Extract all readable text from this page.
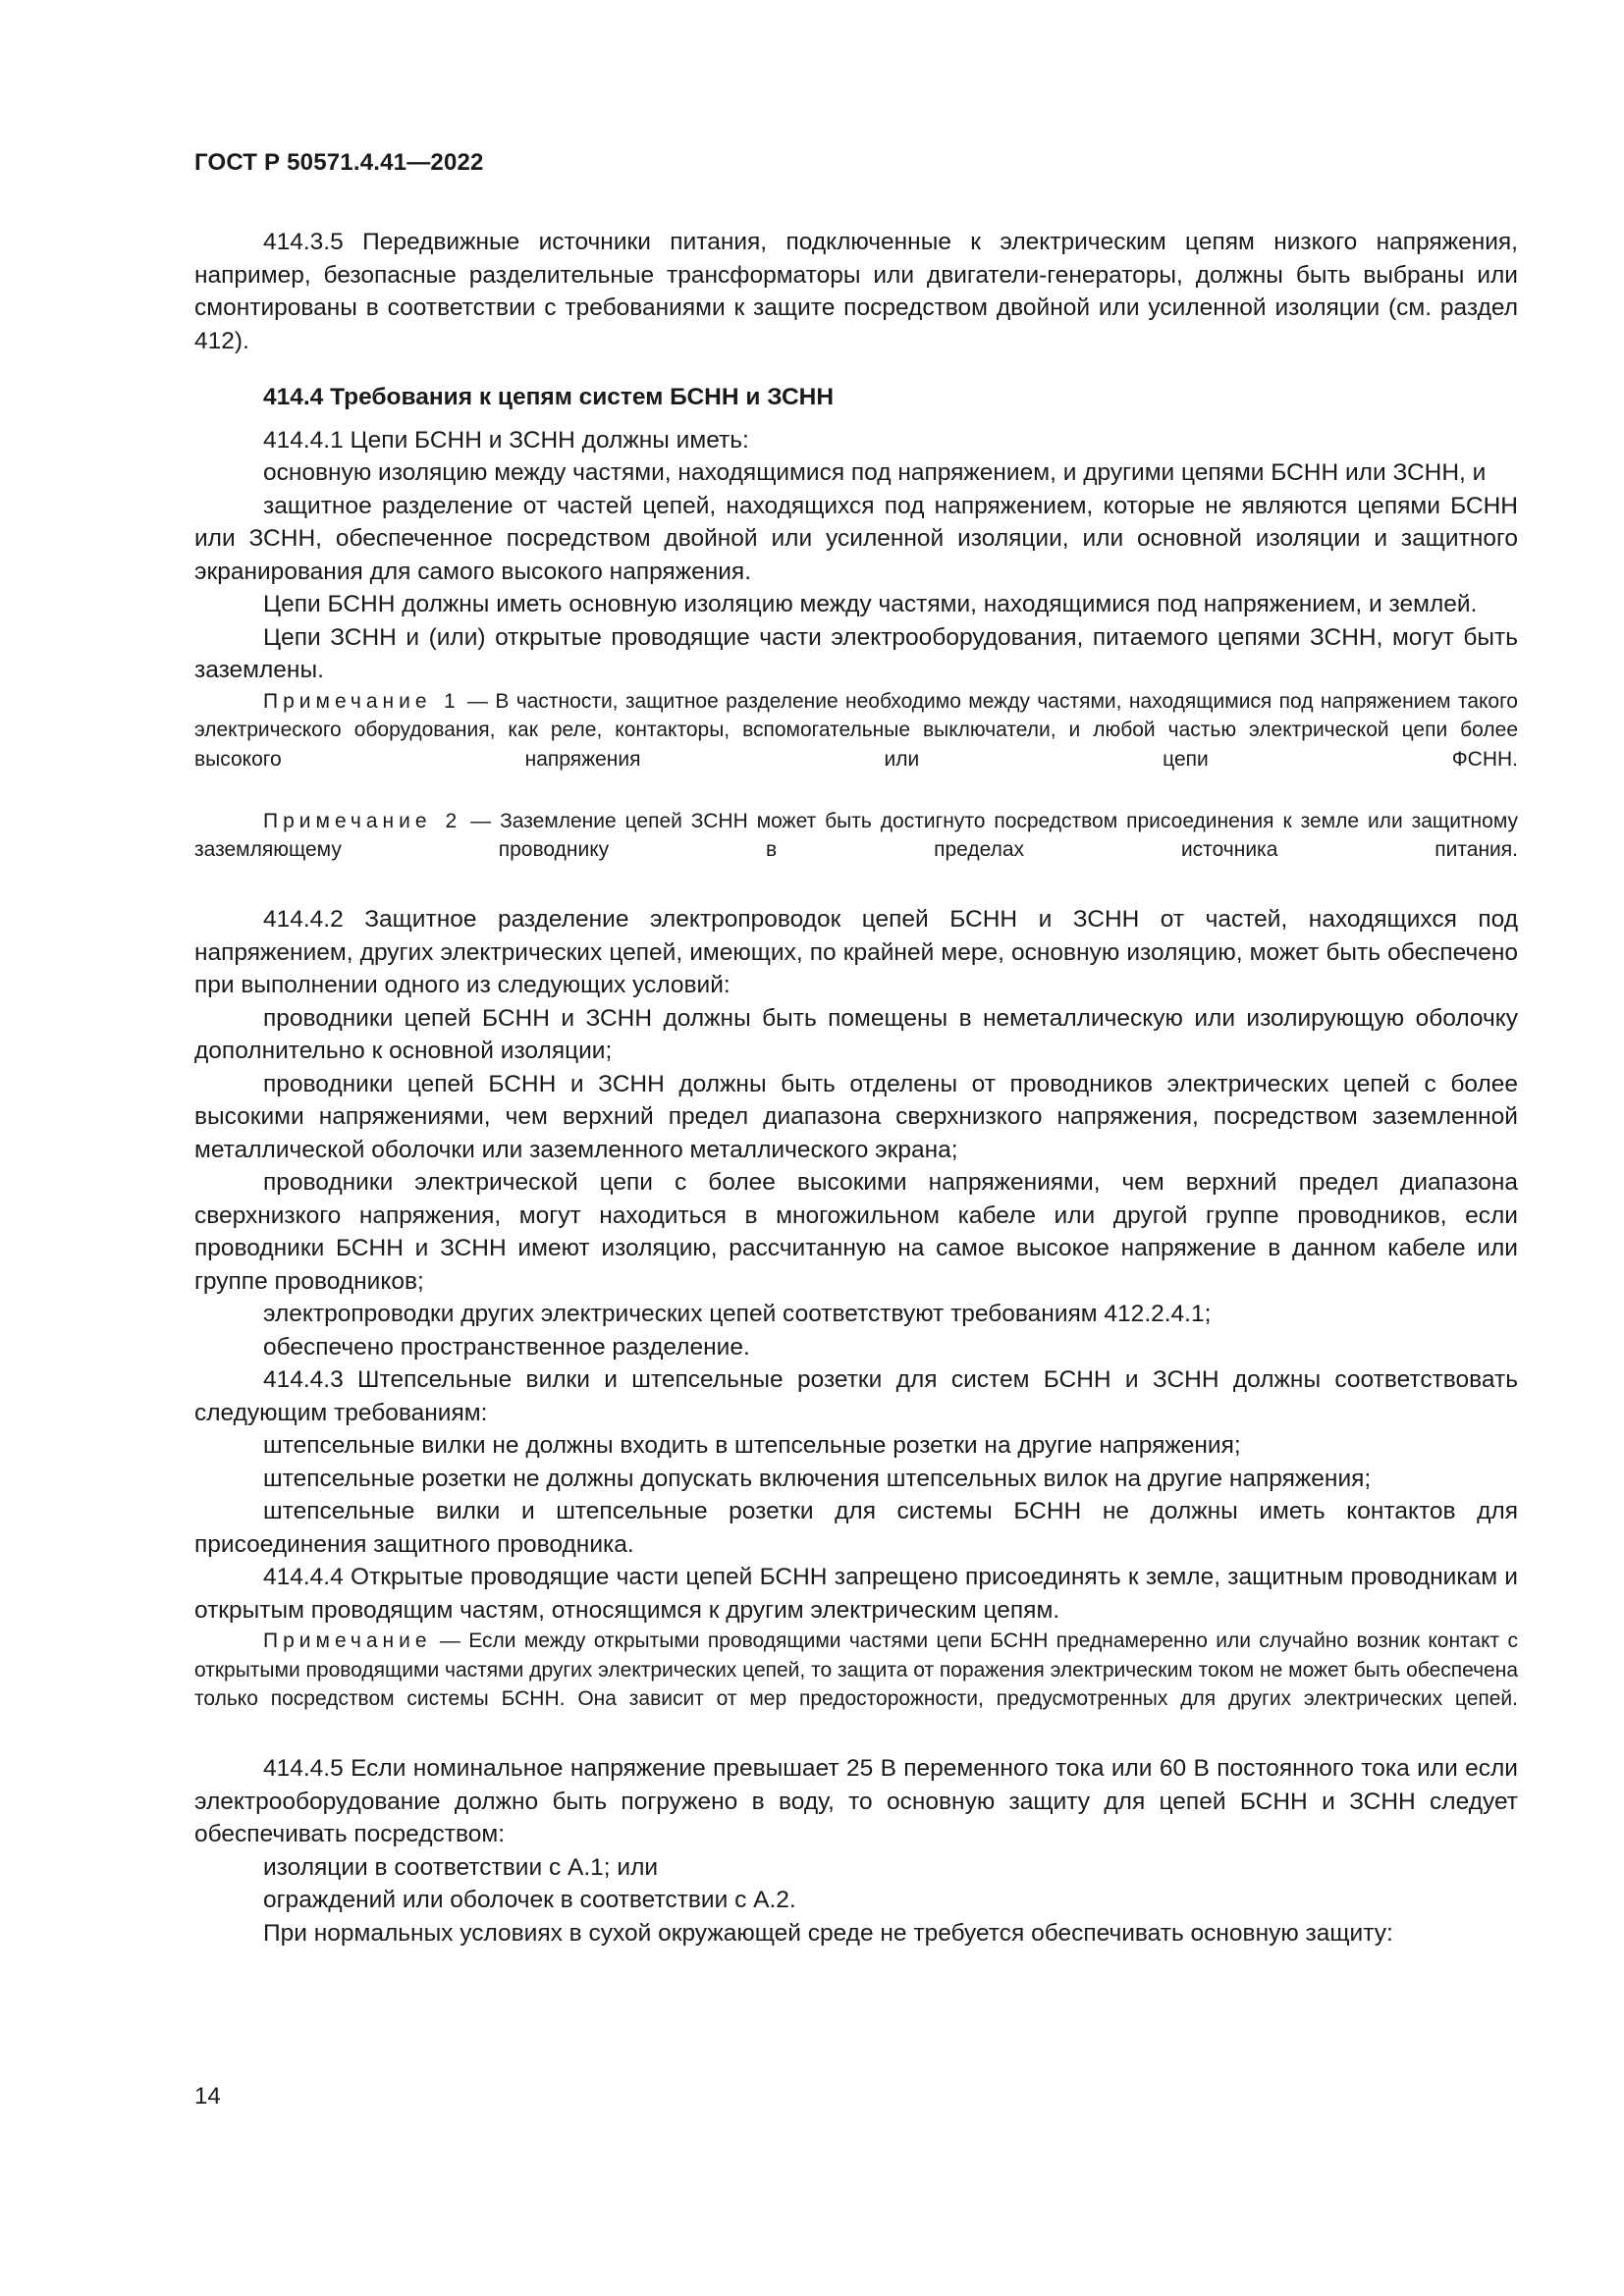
ГОСТ Р 50571.4.41—2022

414.3.5 Передвижные источники питания, подключенные к электрическим цепям низкого напряжения, например, безопасные разделительные трансформаторы или двигатели-генераторы, должны быть выбраны или смонтированы в соответствии с требованиями к защите посредством двойной или усиленной изоляции (см. раздел 412).

414.4 Требования к цепям систем БСНН и ЗСНН

414.4.1 Цепи БСНН и ЗСНН должны иметь:

основную изоляцию между частями, находящимися под напряжением, и другими цепями БСНН или ЗСНН, и

защитное разделение от частей цепей, находящихся под напряжением, которые не являются цепями БСНН или ЗСНН, обеспеченное посредством двойной или усиленной изоляции, или основной изоляции и защитного экранирования для самого высокого напряжения.

Цепи БСНН должны иметь основную изоляцию между частями, находящимися под напряжением, и землей.

Цепи ЗСНН и (или) открытые проводящие части электрооборудования, питаемого цепями ЗСНН, могут быть заземлены.

Примечание 1 — В частности, защитное разделение необходимо между частями, находящимися под напряжением такого электрического оборудования, как реле, контакторы, вспомогательные выключатели, и любой частью электрической цепи более высокого напряжения или цепи ФСНН.

Примечание 2 — Заземление цепей ЗСНН может быть достигнуто посредством присоединения к земле или защитному заземляющему проводнику в пределах источника питания.

414.4.2 Защитное разделение электропроводок цепей БСНН и ЗСНН от частей, находящихся под напряжением, других электрических цепей, имеющих, по крайней мере, основную изоляцию, может быть обеспечено при выполнении одного из следующих условий:

проводники цепей БСНН и ЗСНН должны быть помещены в неметаллическую или изолирующую оболочку дополнительно к основной изоляции;

проводники цепей БСНН и ЗСНН должны быть отделены от проводников электрических цепей с более высокими напряжениями, чем верхний предел диапазона сверхнизкого напряжения, посредством заземленной металлической оболочки или заземленного металлического экрана;

проводники электрической цепи с более высокими напряжениями, чем верхний предел диапазона сверхнизкого напряжения, могут находиться в многожильном кабеле или другой группе проводников, если проводники БСНН и ЗСНН имеют изоляцию, рассчитанную на самое высокое напряжение в данном кабеле или группе проводников;

электропроводки других электрических цепей соответствуют требованиям 412.2.4.1;

обеспечено пространственное разделение.

414.4.3 Штепсельные вилки и штепсельные розетки для систем БСНН и ЗСНН должны соответствовать следующим требованиям:

штепсельные вилки не должны входить в штепсельные розетки на другие напряжения;

штепсельные розетки не должны допускать включения штепсельных вилок на другие напряжения;

штепсельные вилки и штепсельные розетки для системы БСНН не должны иметь контактов для присоединения защитного проводника.

414.4.4 Открытые проводящие части цепей БСНН запрещено присоединять к земле, защитным проводникам и открытым проводящим частям, относящимся к другим электрическим цепям.

Примечание — Если между открытыми проводящими частями цепи БСНН преднамеренно или случайно возник контакт с открытыми проводящими частями других электрических цепей, то защита от поражения электрическим током не может быть обеспечена только посредством системы БСНН. Она зависит от мер предосторожности, предусмотренных для других электрических цепей.

414.4.5 Если номинальное напряжение превышает 25 В переменного тока или 60 В постоянного тока или если электрооборудование должно быть погружено в воду, то основную защиту для цепей БСНН и ЗСНН следует обеспечивать посредством:

изоляции в соответствии с А.1; или

ограждений или оболочек в соответствии с А.2.

При нормальных условиях в сухой окружающей среде не требуется обеспечивать основную защиту:

14
